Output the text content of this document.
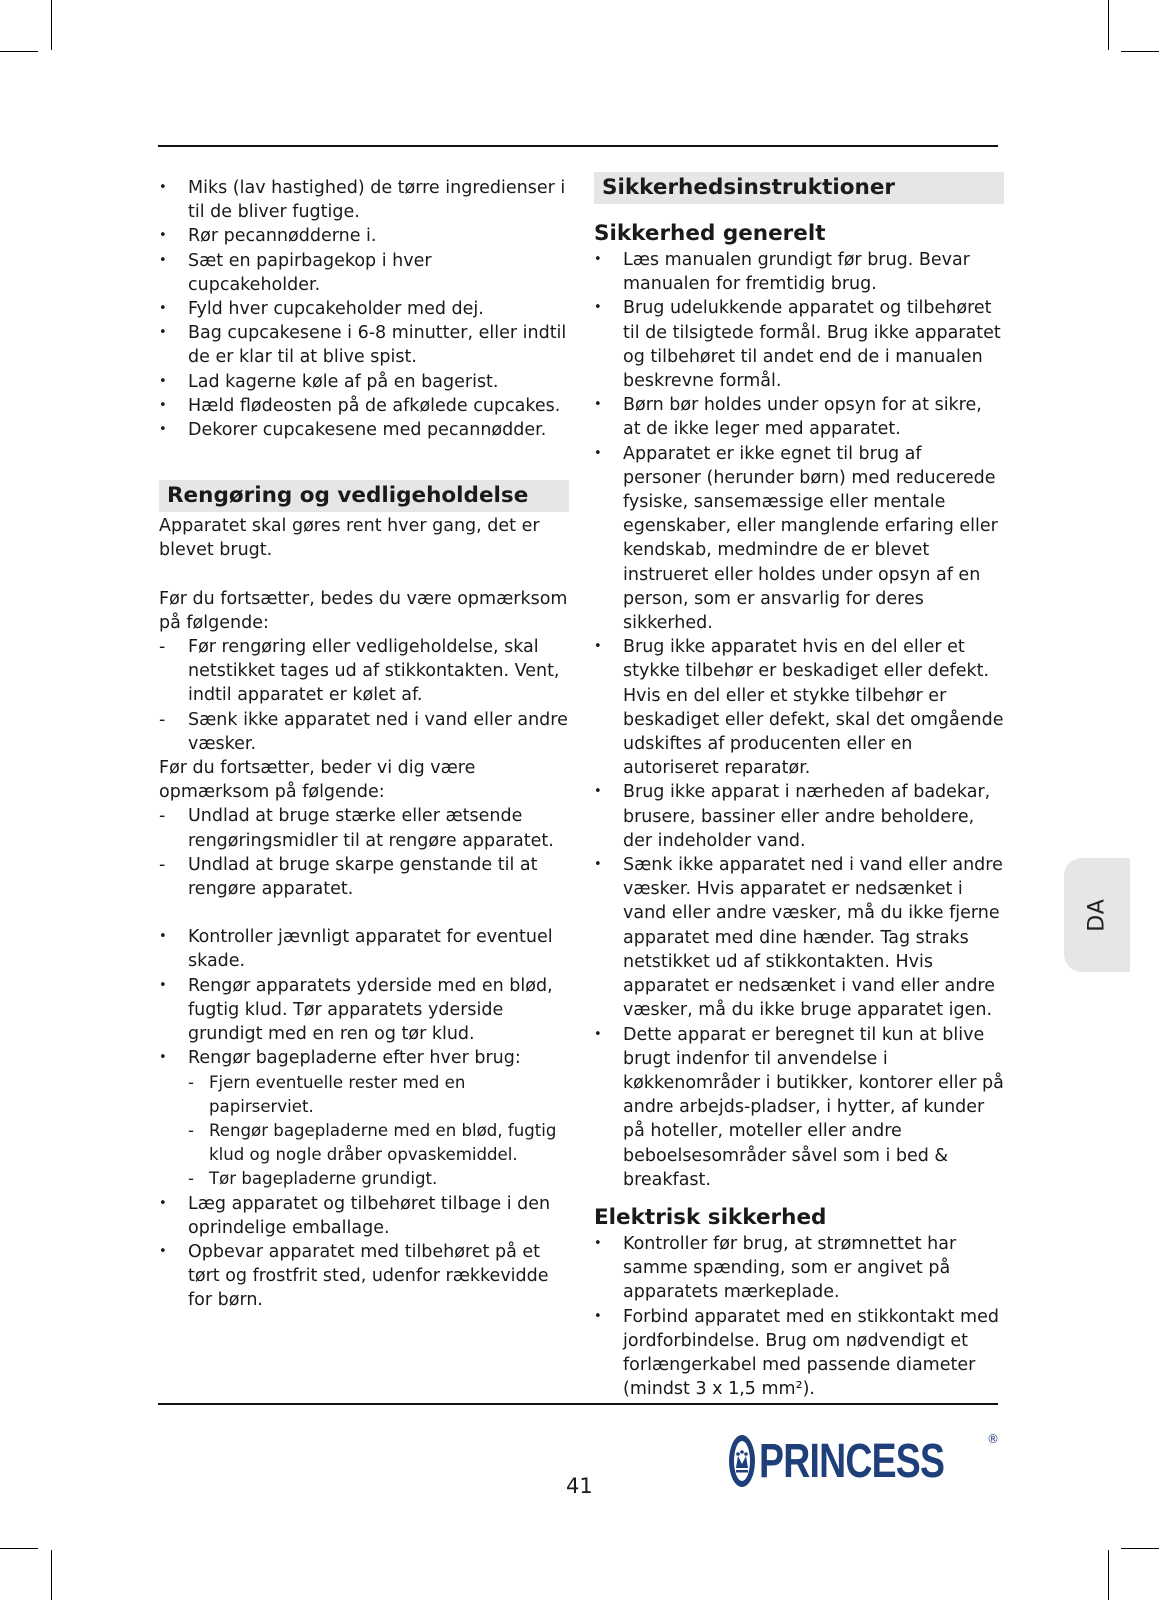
• Miks (lav hastighed) de tørre ingredienser i til de bliver fugtige.
• Rør pecannødderne i.
• Sæt en papirbagekop i hver cupcakeholder.
• Fyld hver cupcakeholder med dej.
• Bag cupcakesene i 6-8 minutter, eller indtil de er klar til at blive spist.
• Lad kagerne køle af på en bagerist.
• Hæld flødeosten på de afkølede cupcakes.
• Dekorer cupcakesene med pecannødder.
Rengøring og vedligeholdelse

Apparatet skal gøres rent hver gang, det er blevet brugt.

Før du fortsætter, bedes du være opmærksom på følgende:

- Før rengøring eller vedligeholdelse, skal netstikket tages ud af stikkontakten. Vent, indtil apparatet er kølet af.
- Sænk ikke apparatet ned i vand eller andre væsker.

Før du fortsætter, beder vi dig være opmærksom på følgende:

- Undlad at bruge stærke eller ætsende rengøringsmidler til at rengøre apparatet.
- Undlad at bruge skarpe genstande til at rengøre apparatet.
• Kontroller jævnligt apparatet for eventuel skade.
• Rengør apparatets yderside med en blød, fugtig klud. Tør apparatets yderside grundigt med en ren og tør klud.
• Rengør bagepladerne efter hver brug:
- Fjern eventuelle rester med en papirserviet.
- Rengør bagepladerne med en blød, fugtig klud og nogle dråber opvaskemiddel.
- Tør bagepladerne grundigt.
• Læg apparatet og tilbehøret tilbage i den oprindelige emballage.
• Opbevar apparatet med tilbehøret på et tørt og frostfrit sted, udenfor rækkevidde for børn.
Sikkerhedsinstruktioner
Sikkerhed generelt
• Læs manualen grundigt før brug. Bevar manualen for fremtidig brug.
• Brug udelukkende apparatet og tilbehøret til de tilsigtede formål. Brug ikke apparatet og tilbehøret til andet end de i manualen beskrevne formål.
• Børn bør holdes under opsyn for at sikre, at de ikke leger med apparatet.
• Apparatet er ikke egnet til brug af personer (herunder børn) med reducerede fysiske, sansemæssige eller mentale egenskaber, eller manglende erfaring eller kendskab, medmindre de er blevet instrueret eller holdes under opsyn af en person, som er ansvarlig for deres sikkerhed.
• Brug ikke apparatet hvis en del eller et stykke tilbehør er beskadiget eller defekt. Hvis en del eller et stykke tilbehør er beskadiget eller defekt, skal det omgående udskiftes af producenten eller en autoriseret reparatør.
• Brug ikke apparat i nærheden af badekar, brusere, bassiner eller andre beholdere, der indeholder vand.
• Sænk ikke apparatet ned i vand eller andre væsker. Hvis apparatet er nedsænket i vand eller andre væsker, må du ikke fjerne apparatet med dine hænder. Tag straks netstikket ud af stikkontakten. Hvis apparatet er nedsænket i vand eller andre væsker, må du ikke bruge apparatet igen.
• Dette apparat er beregnet til kun at blive brugt indenfor til anvendelse i køkkenområder i butikker, kontorer eller på andre arbejds-pladser, i hytter, af kunder på hoteller, moteller eller andre beboelsesområder såvel som i bed & breakfast.
Elektrisk sikkerhed
• Kontroller før brug, at strømnettet har samme spænding, som er angivet på apparatets mærkeplade.
• Forbind apparatet med en stikkontakt med jordforbindelse. Brug om nødvendigt et forlængerkabel med passende diameter (mindst 3 x 1,5 mm²).
DA
41	PRINCESS	®
